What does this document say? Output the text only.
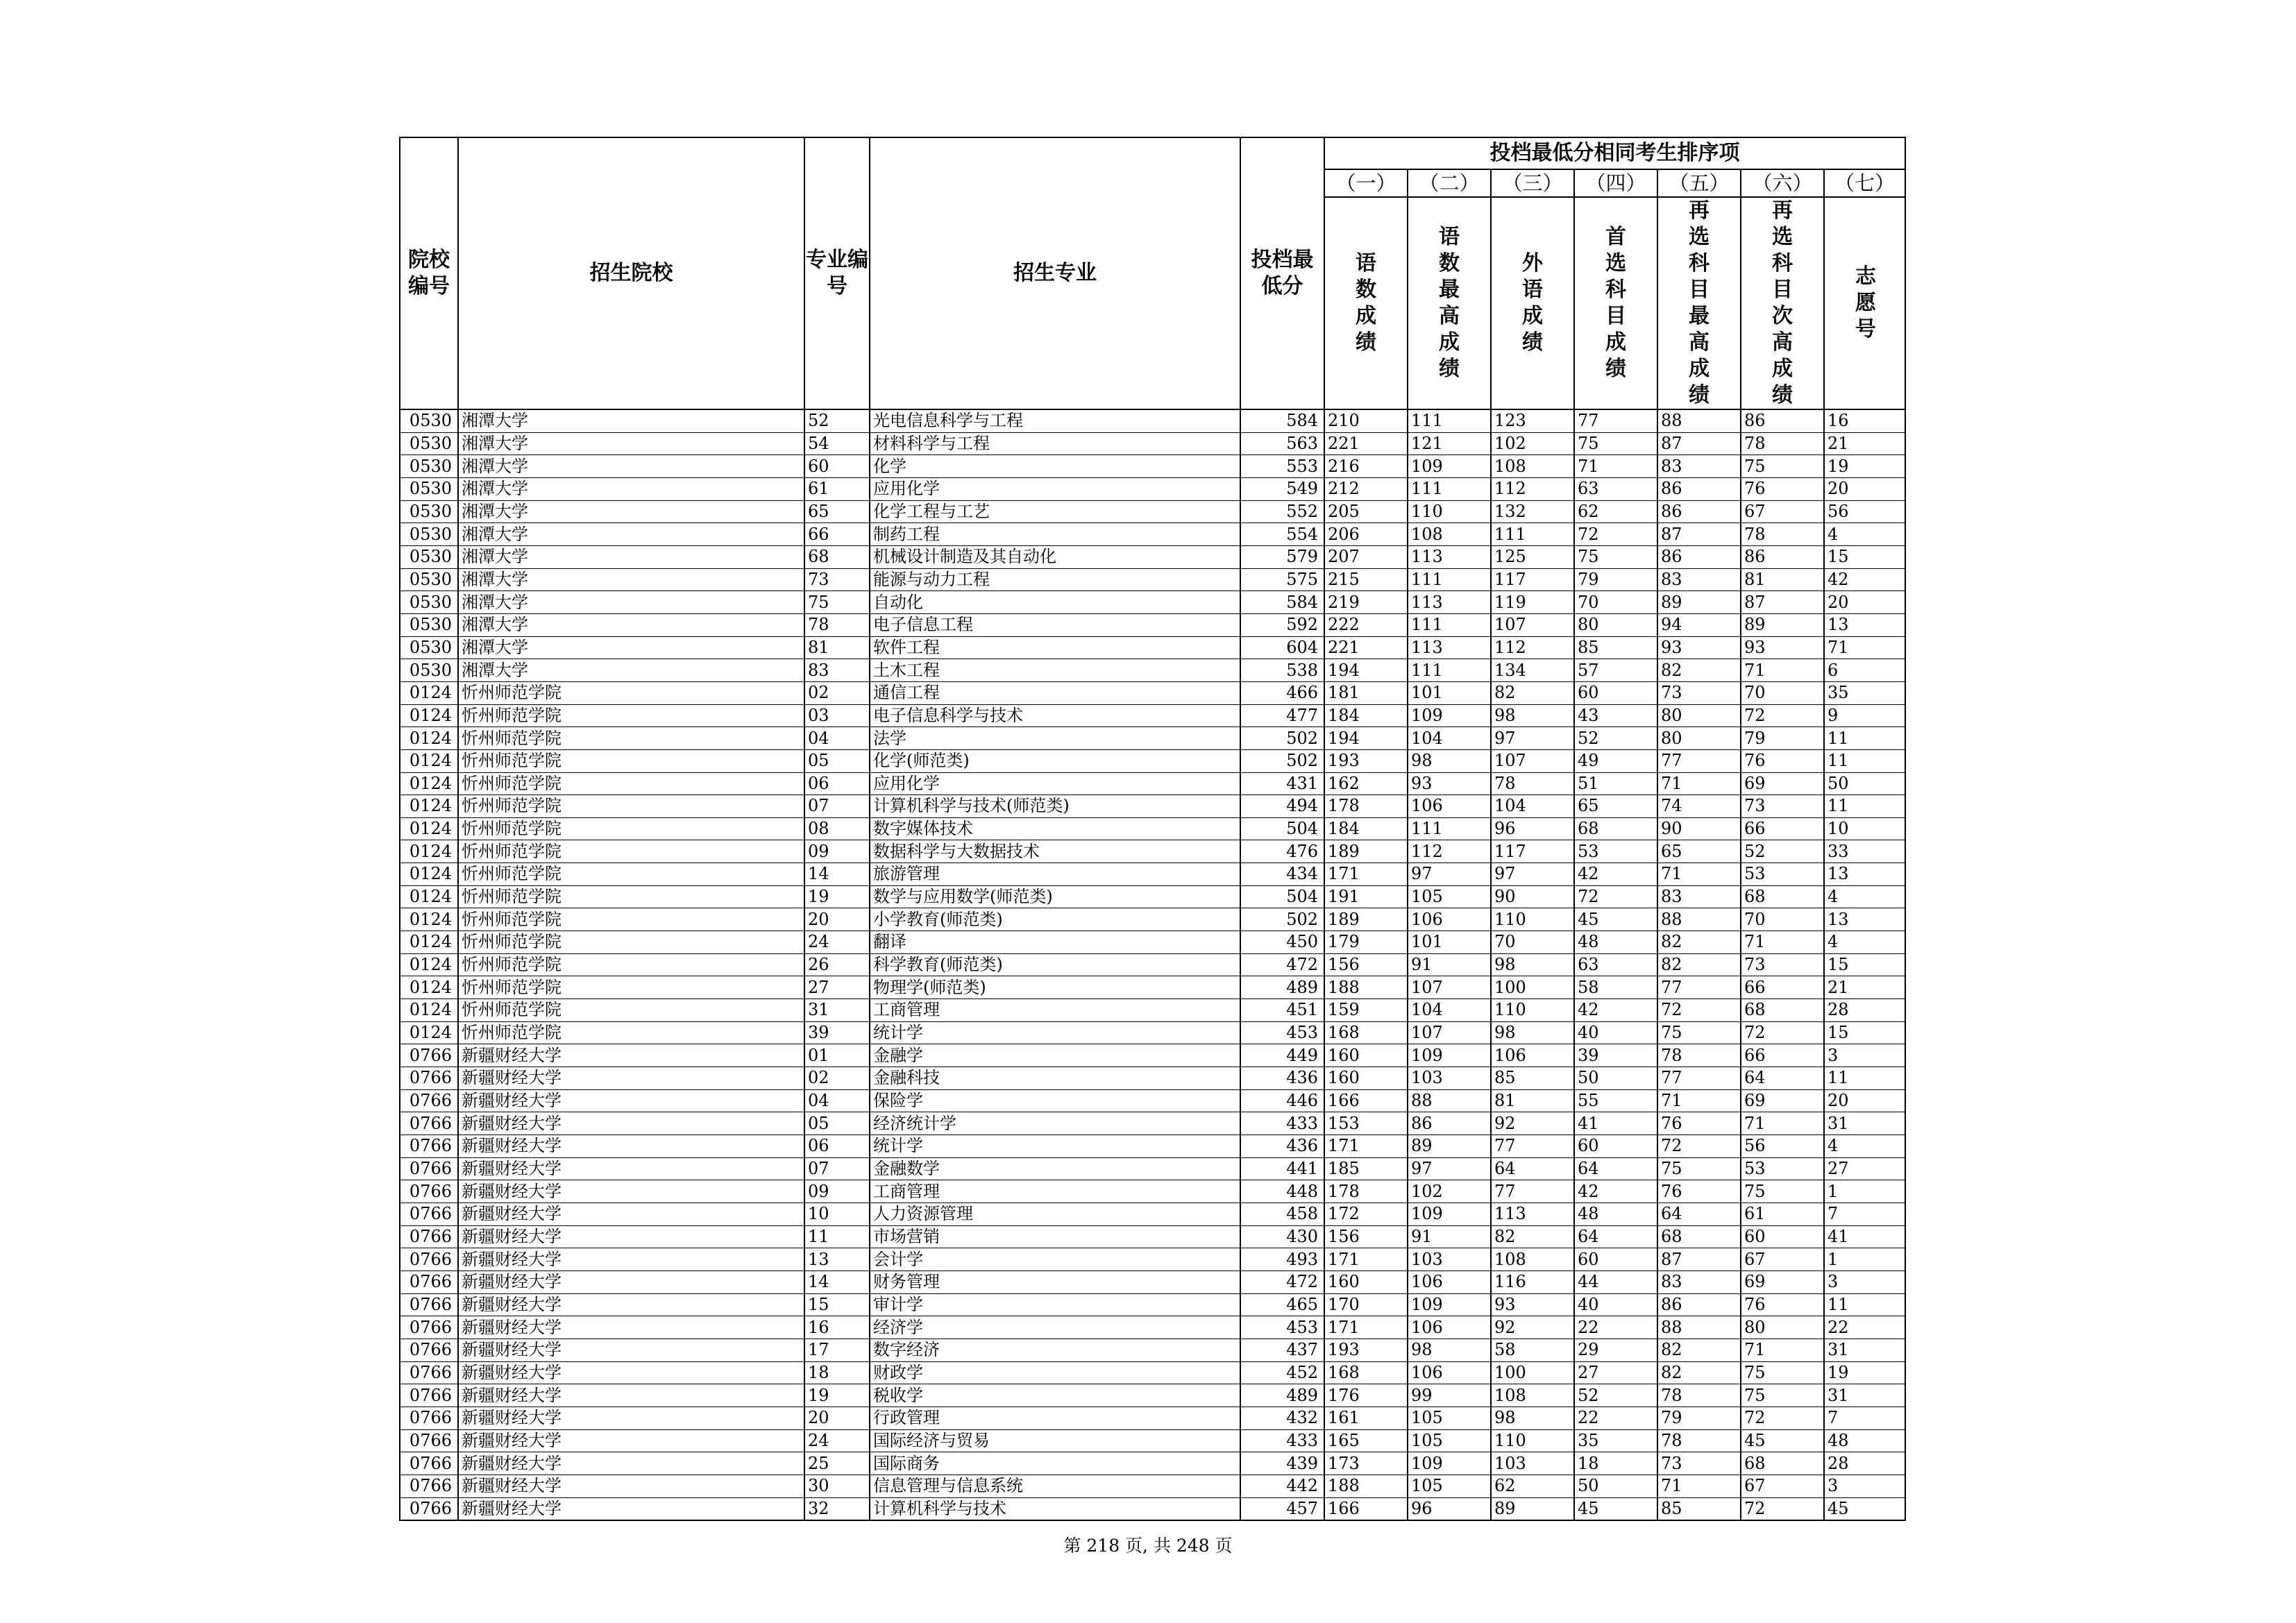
院校编号	招生院校	专业编号	招生专业	投档最低分	投档最低分相同考生排序项						
					（一）	（二）	（三）	（四）	（五）	（六）	（七）
					语数成绩	语数最高成绩	外语成绩	首选科目成绩	再选科目最高成绩	再选科目次高成绩	志愿号
0530	湘潭大学	52	光电信息科学与工程	584	210	111	123	77	88	86	16
0530	湘潭大学	54	材料科学与工程	563	221	121	102	75	87	78	21
0530	湘潭大学	60	化学	553	216	109	108	71	83	75	19
0530	湘潭大学	61	应用化学	549	212	111	112	63	86	76	20
0530	湘潭大学	65	化学工程与工艺	552	205	110	132	62	86	67	56
0530	湘潭大学	66	制药工程	554	206	108	111	72	87	78	4
0530	湘潭大学	68	机械设计制造及其自动化	579	207	113	125	75	86	86	15
0530	湘潭大学	73	能源与动力工程	575	215	111	117	79	83	81	42
0530	湘潭大学	75	自动化	584	219	113	119	70	89	87	20
0530	湘潭大学	78	电子信息工程	592	222	111	107	80	94	89	13
0530	湘潭大学	81	软件工程	604	221	113	112	85	93	93	71
0530	湘潭大学	83	土木工程	538	194	111	134	57	82	71	6
0124	忻州师范学院	02	通信工程	466	181	101	82	60	73	70	35
0124	忻州师范学院	03	电子信息科学与技术	477	184	109	98	43	80	72	9
0124	忻州师范学院	04	法学	502	194	104	97	52	80	79	11
0124	忻州师范学院	05	化学(师范类)	502	193	98	107	49	77	76	11
0124	忻州师范学院	06	应用化学	431	162	93	78	51	71	69	50
0124	忻州师范学院	07	计算机科学与技术(师范类)	494	178	106	104	65	74	73	11
0124	忻州师范学院	08	数字媒体技术	504	184	111	96	68	90	66	10
0124	忻州师范学院	09	数据科学与大数据技术	476	189	112	117	53	65	52	33
0124	忻州师范学院	14	旅游管理	434	171	97	97	42	71	53	13
0124	忻州师范学院	19	数学与应用数学(师范类)	504	191	105	90	72	83	68	4
0124	忻州师范学院	20	小学教育(师范类)	502	189	106	110	45	88	70	13
0124	忻州师范学院	24	翻译	450	179	101	70	48	82	71	4
0124	忻州师范学院	26	科学教育(师范类)	472	156	91	98	63	82	73	15
0124	忻州师范学院	27	物理学(师范类)	489	188	107	100	58	77	66	21
0124	忻州师范学院	31	工商管理	451	159	104	110	42	72	68	28
0124	忻州师范学院	39	统计学	453	168	107	98	40	75	72	15
0766	新疆财经大学	01	金融学	449	160	109	106	39	78	66	3
0766	新疆财经大学	02	金融科技	436	160	103	85	50	77	64	11
0766	新疆财经大学	04	保险学	446	166	88	81	55	71	69	20
0766	新疆财经大学	05	经济统计学	433	153	86	92	41	76	71	31
0766	新疆财经大学	06	统计学	436	171	89	77	60	72	56	4
0766	新疆财经大学	07	金融数学	441	185	97	64	64	75	53	27
0766	新疆财经大学	09	工商管理	448	178	102	77	42	76	75	1
0766	新疆财经大学	10	人力资源管理	458	172	109	113	48	64	61	7
0766	新疆财经大学	11	市场营销	430	156	91	82	64	68	60	41
0766	新疆财经大学	13	会计学	493	171	103	108	60	87	67	1
0766	新疆财经大学	14	财务管理	472	160	106	116	44	83	69	3
0766	新疆财经大学	15	审计学	465	170	109	93	40	86	76	11
0766	新疆财经大学	16	经济学	453	171	106	92	22	88	80	22
0766	新疆财经大学	17	数字经济	437	193	98	58	29	82	71	31
0766	新疆财经大学	18	财政学	452	168	106	100	27	82	75	19
0766	新疆财经大学	19	税收学	489	176	99	108	52	78	75	31
0766	新疆财经大学	20	行政管理	432	161	105	98	22	79	72	7
0766	新疆财经大学	24	国际经济与贸易	433	165	105	110	35	78	45	48
0766	新疆财经大学	25	国际商务	439	173	109	103	18	73	68	28
0766	新疆财经大学	30	信息管理与信息系统	442	188	105	62	50	71	67	3
0766	新疆财经大学	32	计算机科学与技术	457	166	96	89	45	85	72	45
第 218 页, 共 248 页
